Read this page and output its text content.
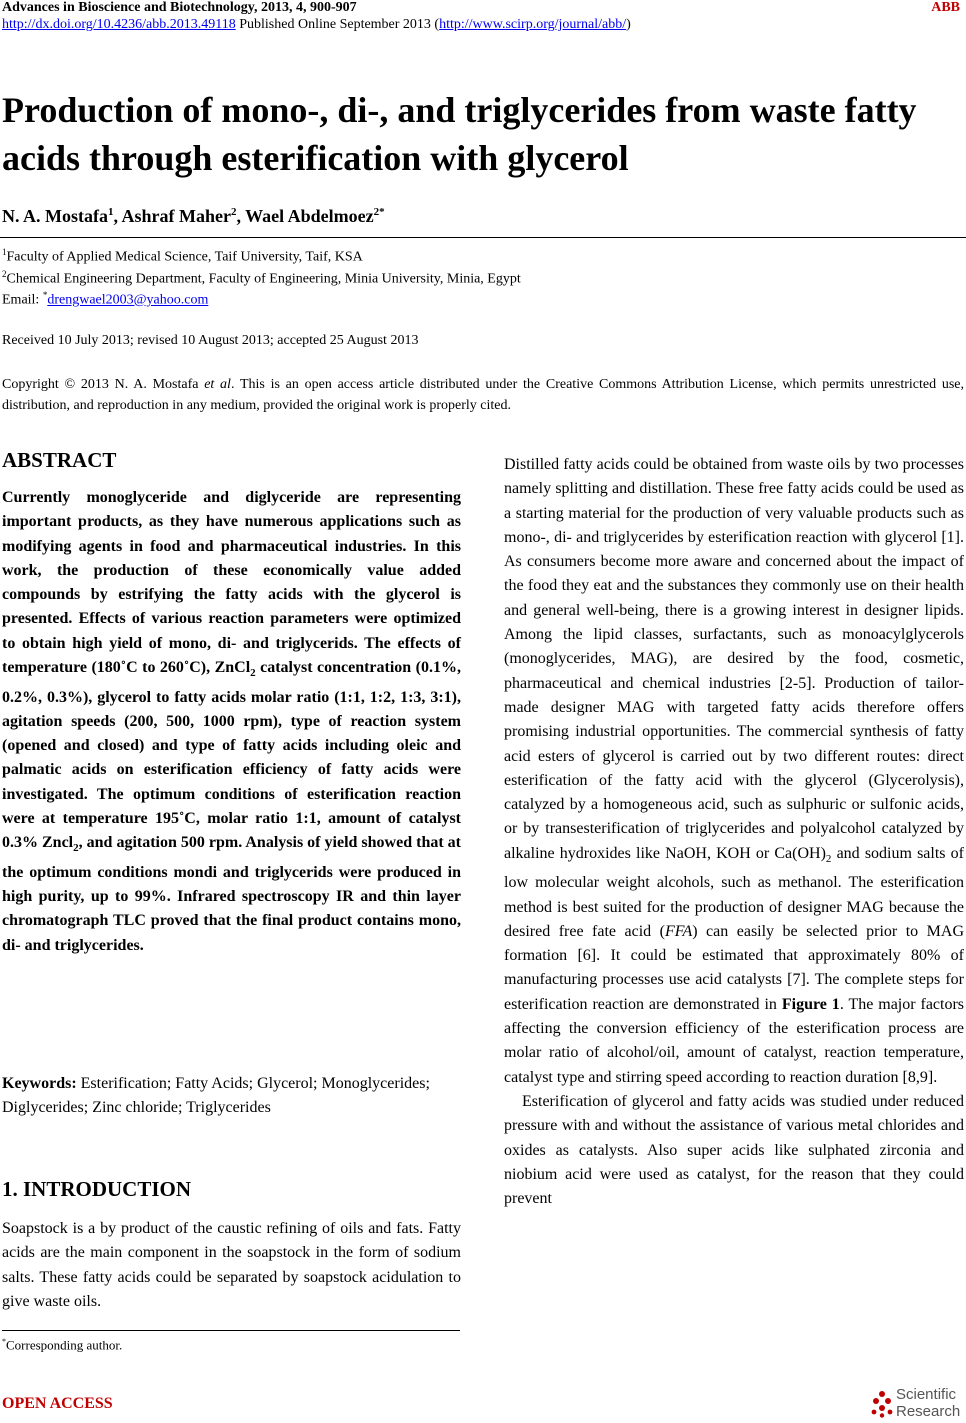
Advances in Bioscience and Biotechnology, 2013, 4, 900-907	ABB
http://dx.doi.org/10.4236/abb.2013.49118 Published Online September 2013 (http://www.scirp.org/journal/abb/)
Production of mono-, di-, and triglycerides from waste fatty acids through esterification with glycerol
N. A. Mostafa$^1$, Ashraf Maher$^2$, Wael Abdelmoez$^{2*}$
$^1$Faculty of Applied Medical Science, Taif University, Taif, KSA
$^2$Chemical Engineering Department, Faculty of Engineering, Minia University, Minia, Egypt
Email: *drengwael2003@yahoo.com
Received 10 July 2013; revised 10 August 2013; accepted 25 August 2013
Copyright © 2013 N. A. Mostafa et al. This is an open access article distributed under the Creative Commons Attribution License, which permits unrestricted use, distribution, and reproduction in any medium, provided the original work is properly cited.
ABSTRACT
Currently monoglyceride and diglyceride are representing important products, as they have numerous applications such as modifying agents in food and pharmaceutical industries. In this work, the production of these economically value added compounds by estrifying the fatty acids with the glycerol is presented. Effects of various reaction parameters were optimized to obtain high yield of mono, di- and triglycerids. The effects of temperature (180˚C to 260˚C), ZnCl$_2$ catalyst concentration (0.1%, 0.2%, 0.3%), glycerol to fatty acids molar ratio (1:1, 1:2, 1:3, 3:1), agitation speeds (200, 500, 1000 rpm), type of reaction system (opened and closed) and type of fatty acids including oleic and palmatic acids on esterification efficiency of fatty acids were investigated. The optimum conditions of esterification reaction were at temperature 195˚C, molar ratio 1:1, amount of catalyst 0.3% Zncl$_2$, and agitation 500 rpm. Analysis of yield showed that at the optimum conditions mondi and triglycerids were produced in high purity, up to 99%. Infrared spectroscopy IR and thin layer chromatograph TLC proved that the final product contains mono, di- and triglycerides.
Keywords: Esterification; Fatty Acids; Glycerol; Monoglycerides; Diglycerides; Zinc chloride; Triglycerides
1. INTRODUCTION
Soapstock is a by product of the caustic refining of oils and fats. Fatty acids are the main component in the soapstock in the form of sodium salts. These fatty acids could be separated by soapstock acidulation to give waste oils.
*Corresponding author.

Distilled fatty acids could be obtained from waste oils by two processes namely splitting and distillation. These free fatty acids could be used as a starting material for the production of very valuable products such as mono-, di- and triglycerides by esterification reaction with glycerol [1]. As consumers become more aware and concerned about the impact of the food they eat and the substances they commonly use on their health and general well-being, there is a growing interest in designer lipids. Among the lipid classes, surfactants, such as monoacylglycerols (monoglycerides, MAG), are desired by the food, cosmetic, pharmaceutical and chemical industries [2-5]. Production of tailor-made designer MAG with targeted fatty acids therefore offers promising industrial opportunities. The commercial synthesis of fatty acid esters of glycerol is carried out by two different routes: direct esterification of the fatty acid with the glycerol (Glycerolysis), catalyzed by a homogeneous acid, such as sulphuric or sulfonic acids, or by transesterification of triglycerides and polyalcohol catalyzed by alkaline hydroxides like NaOH, KOH or $Ca(OH)_2$ and sodium salts of low molecular weight alcohols, such as methanol. The esterification method is best suited for the production of designer MAG because the desired free fate acid (FFA) can easily be selected prior to MAG formation [6]. It could be estimated that approximately 80% of manufacturing processes use acid catalysts [7]. The complete steps for esterification reaction are demonstrated in Figure 1. The major factors affecting the conversion efficiency of the esterification process are molar ratio of alcohol/oil, amount of catalyst, reaction temperature, catalyst type and stirring speed according to reaction duration [8,9].

Esterification of glycerol and fatty acids was studied under reduced pressure with and without the assistance of various metal chlorides and oxides as catalysts. Also super acids like sulphated zirconia and niobium acid were used as catalyst, for the reason that they could prevent

OPEN ACCESS
Scientific
Research
